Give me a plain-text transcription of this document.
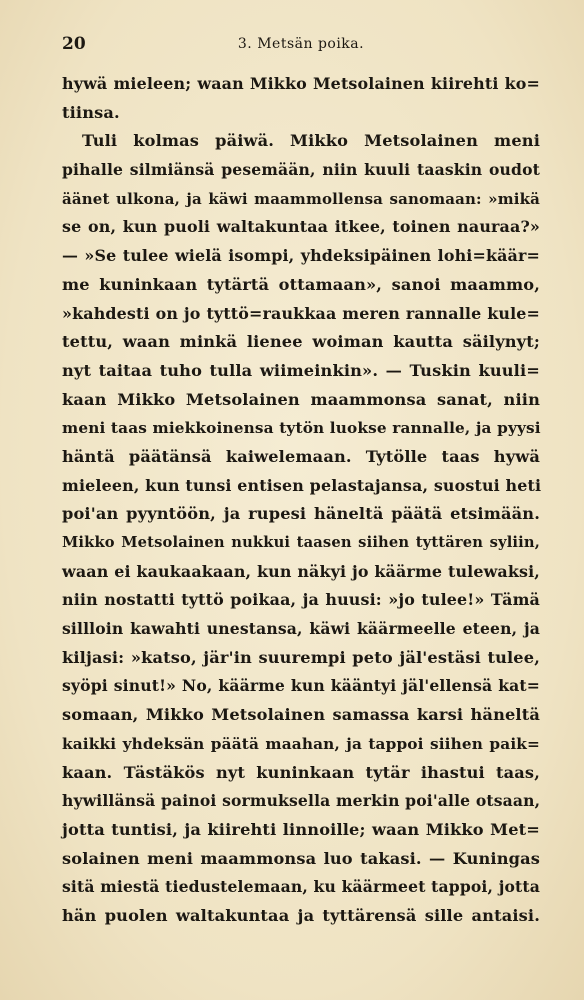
20	3. Metsän poika.
hywä mieleen; waan Mikko Metsolainen kiirehti ko=
tiinsa.
Tuli kolmas päiwä. Mikko Metsolainen meni
pihalle silmiänsä pesemään, niin kuuli taaskin oudot
äänet ulkona, ja käwi maammollensa sanomaan: »mikä
se on, kun puoli waltakuntaa itkee, toinen nauraa?»
— »Se tulee wielä isompi, yhdeksipäinen lohi=käär=
me kuninkaan tytärtä ottamaan», sanoi maammo,
»kahdesti on jo tyttö=raukkaa meren rannalle kule=
tettu, waan minkä lienee woiman kautta säilynyt;
nyt taitaa tuho tulla wiimeinkin». — Tuskin kuuli=
kaan Mikko Metsolainen maammonsa sanat, niin
meni taas miekkoinensa tytön luokse rannalle, ja pyysi
häntä päätänsä kaiwelemaan. Tytölle taas hywä
mieleen, kun tunsi entisen pelastajansa, suostui heti
poi'an pyyntöön, ja rupesi häneltä päätä etsimään.
Mikko Metsolainen nukkui taasen siihen tyttären syliin,
waan ei kaukaakaan, kun näkyi jo käärme tulewaksi,
niin nostatti tyttö poikaa, ja huusi: »jo tulee!» Tämä
sillloin kawahti unestansa, käwi käärmeelle eteen, ja
kiljasi: »katso, jär'in suurempi peto jäl'estäsi tulee,
syöpi sinut!» No, käärme kun kääntyi jäl'ellensä kat=
somaan, Mikko Metsolainen samassa karsi häneltä
kaikki yhdeksän päätä maahan, ja tappoi siihen paik=
kaan. Tästäkös nyt kuninkaan tytär ihastui taas,
hywillänsä painoi sormuksella merkin poi'alle otsaan,
jotta tuntisi, ja kiirehti linnoille; waan Mikko Met=
solainen meni maammonsa luo takasi. — Kuningas
sitä miestä tiedustelemaan, ku käärmeet tappoi, jotta
hän puolen waltakuntaa ja tyttärensä sille antaisi.
